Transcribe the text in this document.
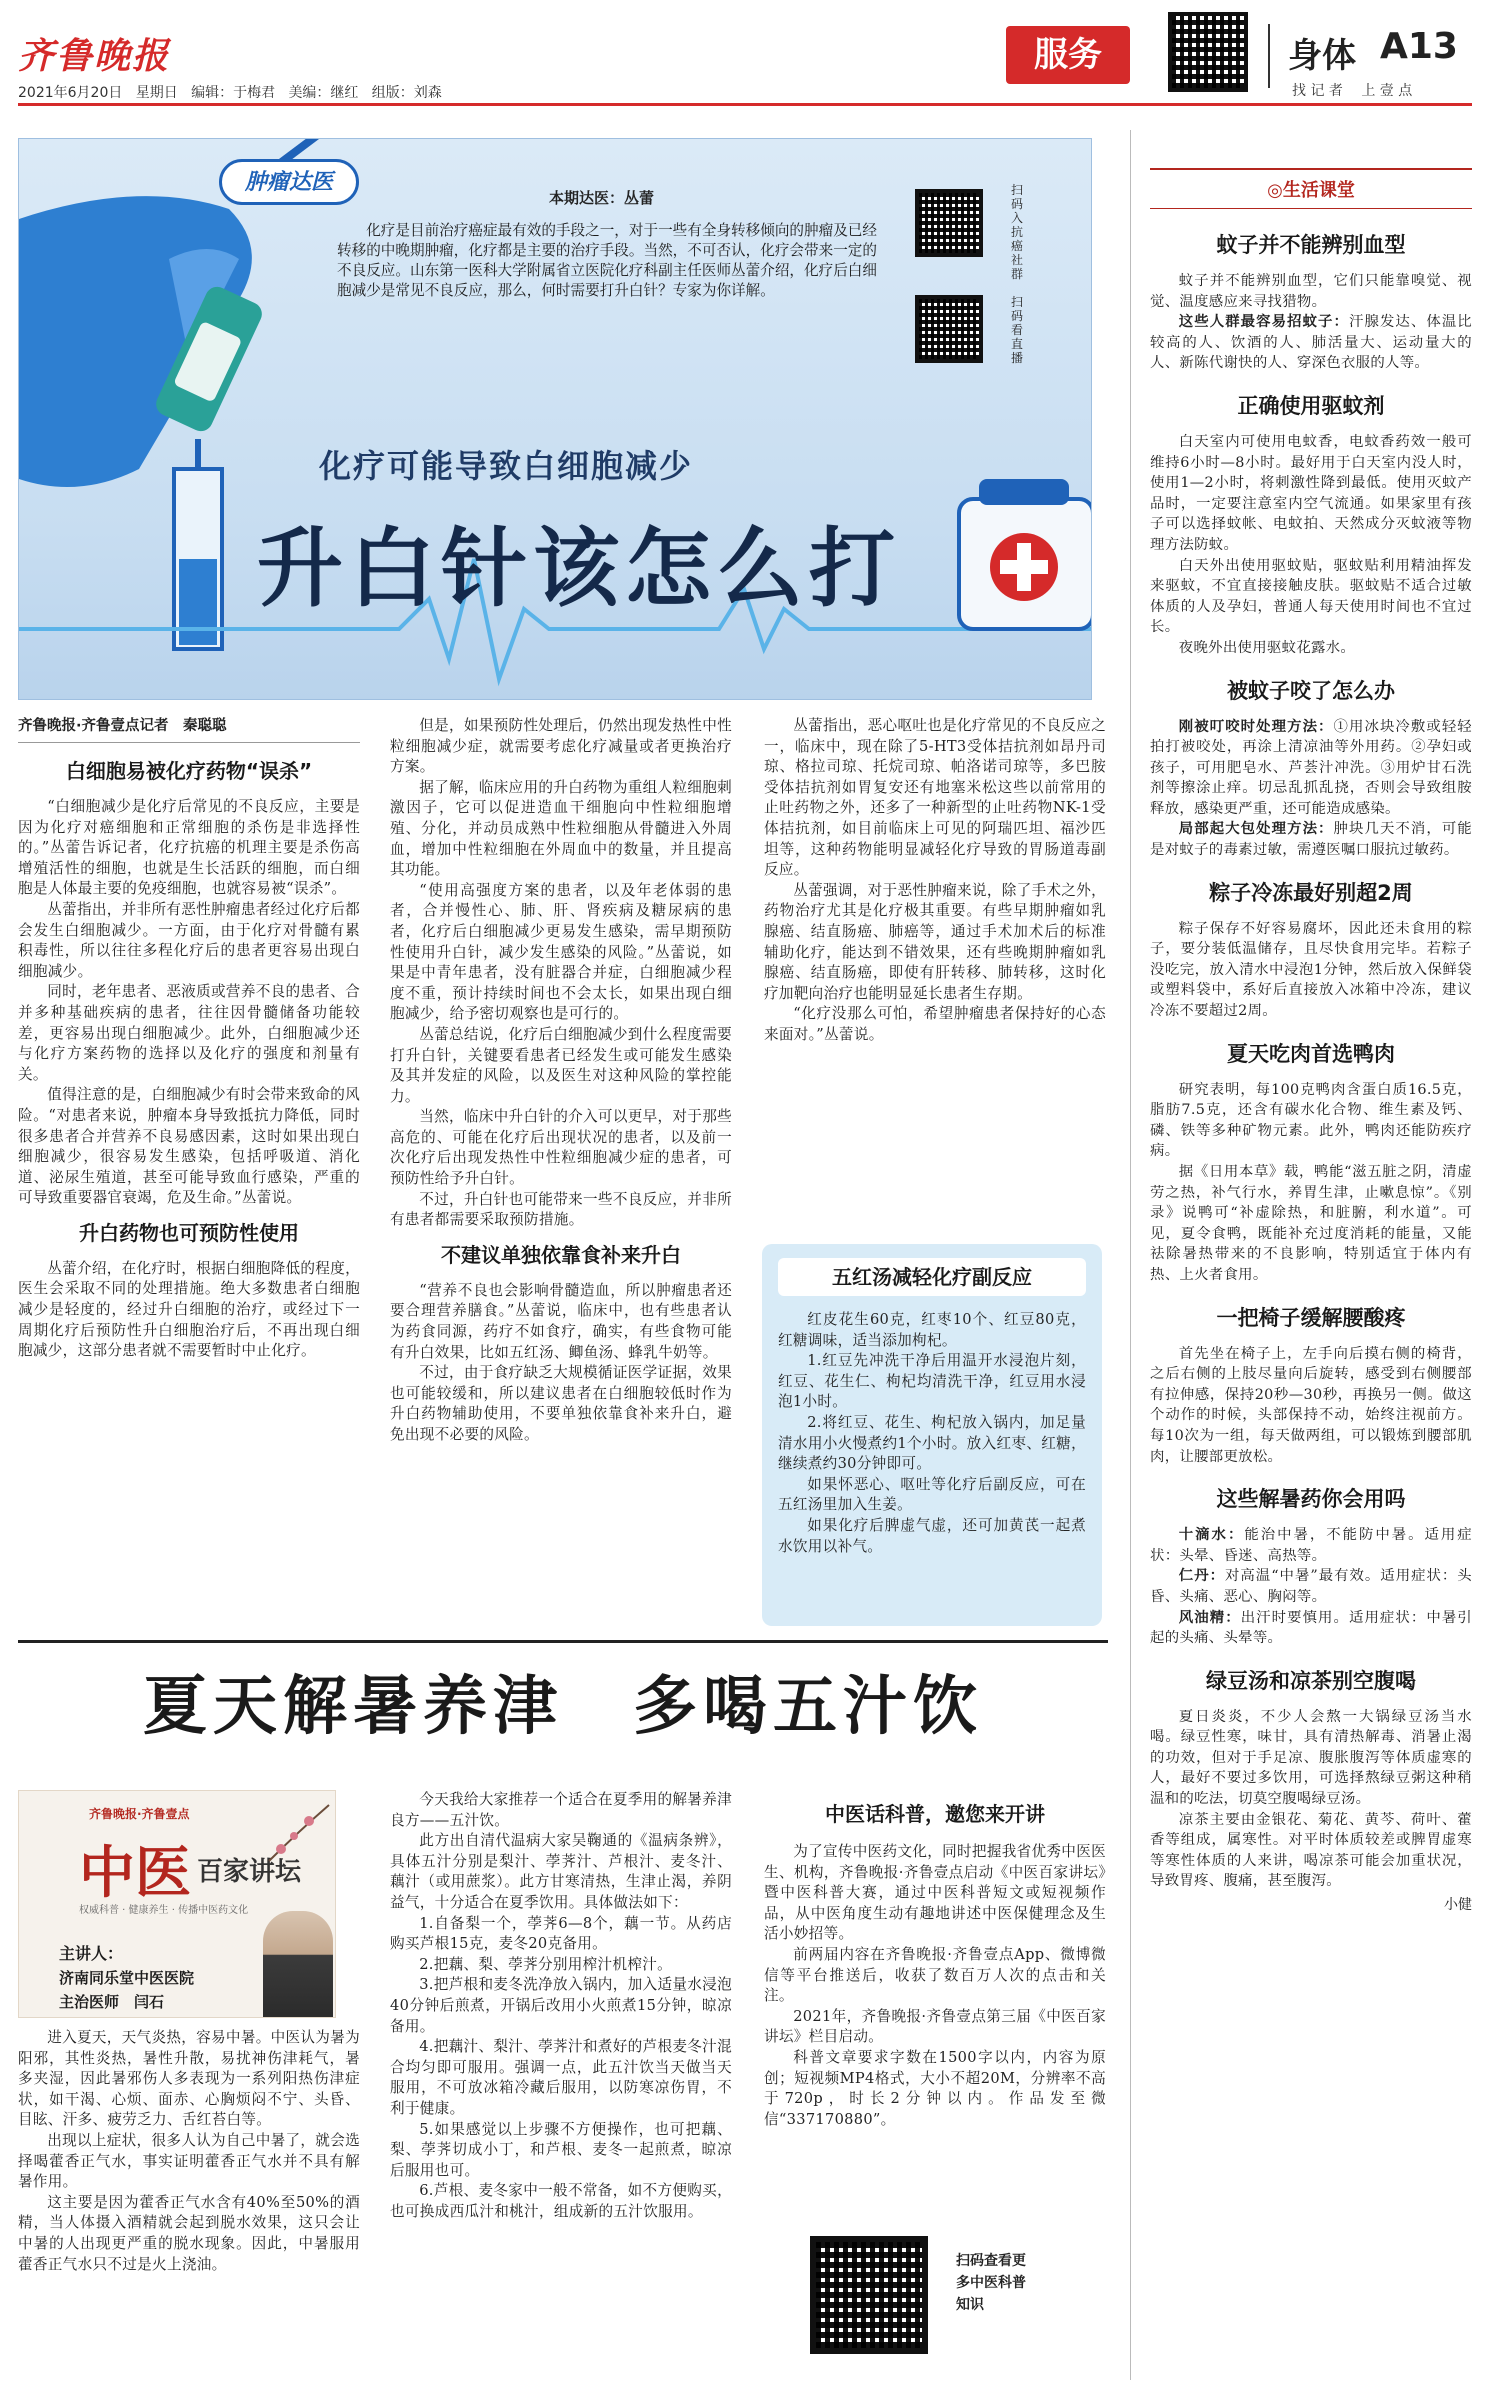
齐鲁晚报
2021年6月20日 星期日 编辑：于梅君 美编：继红 组版：刘森
服务	身体 A13
找 记 者　 上 壹 点
肿瘤达医
本期达医：丛蕾
化疗是目前治疗癌症最有效的手段之一，对于一些有全身转移倾向的肿瘤及已经转移的中晚期肿瘤，化疗都是主要的治疗手段。当然，不可否认，化疗会带来一定的不良反应。山东第一医科大学附属省立医院化疗科副主任医师丛蕾介绍，化疗后白细胞减少是常见不良反应，那么，何时需要打升白针？专家为你详解。
扫码入抗癌社群
扫码看直播
化疗可能导致白细胞减少
升白针该怎么打
齐鲁晚报·齐鲁壹点记者　秦聪聪
白细胞易被化疗药物“误杀”
“白细胞减少是化疗后常见的不良反应，主要是因为化疗对癌细胞和正常细胞的杀伤是非选择性的。”丛蕾告诉记者，化疗抗癌的机理主要是杀伤高增殖活性的细胞，也就是生长活跃的细胞，而白细胞是人体最主要的免疫细胞，也就容易被“误杀”。
丛蕾指出，并非所有恶性肿瘤患者经过化疗后都会发生白细胞减少。一方面，由于化疗对骨髓有累积毒性，所以往往多程化疗后的患者更容易出现白细胞减少。
同时，老年患者、恶液质或营养不良的患者、合并多种基础疾病的患者，往往因骨髓储备功能较差，更容易出现白细胞减少。此外，白细胞减少还与化疗方案药物的选择以及化疗的强度和剂量有关。
值得注意的是，白细胞减少有时会带来致命的风险。“对患者来说，肿瘤本身导致抵抗力降低，同时很多患者合并营养不良易感因素，这时如果出现白细胞减少，很容易发生感染，包括呼吸道、消化道、泌尿生殖道，甚至可能导致血行感染，严重的可导致重要器官衰竭，危及生命。”丛蕾说。
升白药物也可预防性使用
丛蕾介绍，在化疗时，根据白细胞降低的程度，医生会采取不同的处理措施。绝大多数患者白细胞减少是轻度的，经过升白细胞的治疗，或经过下一周期化疗后预防性升白细胞治疗后，不再出现白细胞减少，这部分患者就不需要暂时中止化疗。
但是，如果预防性处理后，仍然出现发热性中性粒细胞减少症，就需要考虑化疗减量或者更换治疗方案。
据了解，临床应用的升白药物为重组人粒细胞刺激因子，它可以促进造血干细胞向中性粒细胞增殖、分化，并动员成熟中性粒细胞从骨髓进入外周血，增加中性粒细胞在外周血中的数量，并且提高其功能。
“使用高强度方案的患者，以及年老体弱的患者，合并慢性心、肺、肝、肾疾病及糖尿病的患者，化疗后白细胞减少更易发生感染，需早期预防性使用升白针，减少发生感染的风险。”丛蕾说，如果是中青年患者，没有脏器合并症，白细胞减少程度不重，预计持续时间也不会太长，如果出现白细胞减少，给予密切观察也是可行的。
丛蕾总结说，化疗后白细胞减少到什么程度需要打升白针，关键要看患者已经发生或可能发生感染及其并发症的风险，以及医生对这种风险的掌控能力。
当然，临床中升白针的介入可以更早，对于那些高危的、可能在化疗后出现状况的患者，以及前一次化疗后出现发热性中性粒细胞减少症的患者，可预防性给予升白针。
不过，升白针也可能带来一些不良反应，并非所有患者都需要采取预防措施。
不建议单独依靠食补来升白
“营养不良也会影响骨髓造血，所以肿瘤患者还要合理营养膳食。”丛蕾说，临床中，也有些患者认为药食同源，药疗不如食疗，确实，有些食物可能有升白效果，比如五红汤、鲫鱼汤、蜂乳牛奶等。
不过，由于食疗缺乏大规模循证医学证据，效果也可能较缓和，所以建议患者在白细胞较低时作为升白药物辅助使用，不要单独依靠食补来升白，避免出现不必要的风险。
丛蕾指出，恶心呕吐也是化疗常见的不良反应之一，临床中，现在除了5-HT3受体拮抗剂如昂丹司琼、格拉司琼、托烷司琼、帕洛诺司琼等，多巴胺受体拮抗剂如胃复安还有地塞米松这些以前常用的止吐药物之外，还多了一种新型的止吐药物NK-1受体拮抗剂，如目前临床上可见的阿瑞匹坦、福沙匹坦等，这种药物能明显减轻化疗导致的胃肠道毒副反应。
丛蕾强调，对于恶性肿瘤来说，除了手术之外，药物治疗尤其是化疗极其重要。有些早期肿瘤如乳腺癌、结直肠癌、肺癌等，通过手术加术后的标准辅助化疗，能达到不错效果，还有些晚期肿瘤如乳腺癌、结直肠癌，即使有肝转移、肺转移，这时化疗加靶向治疗也能明显延长患者生存期。
“化疗没那么可怕，希望肿瘤患者保持好的心态来面对。”丛蕾说。
五红汤减轻化疗副反应
红皮花生60克，红枣10个、红豆80克，红糖调味，适当添加枸杞。
1.红豆先冲洗干净后用温开水浸泡片刻，红豆、花生仁、枸杞均清洗干净，红豆用水浸泡1小时。
2.将红豆、花生、枸杞放入锅内，加足量清水用小火慢煮约1个小时。放入红枣、红糖，继续煮约30分钟即可。
如果怀恶心、呕吐等化疗后副反应，可在五红汤里加入生姜。
如果化疗后脾虚气虚，还可加黄芪一起煮水饮用以补气。
夏天解暑养津　多喝五汁饮
齐鲁晚报·齐鲁壹点
中医 百家讲坛
权威科普 · 健康养生 · 传播中医药文化
主讲人：
济南同乐堂中医医院
主治医师　闫石
进入夏天，天气炎热，容易中暑。中医认为暑为阳邪，其性炎热，暑性升散，易扰神伤津耗气，暑多夹湿，因此暑邪伤人多表现为一系列阳热伤津症状，如干渴、心烦、面赤、心胸烦闷不宁、头昏、目眩、汗多、疲劳乏力、舌红苔白等。
出现以上症状，很多人认为自己中暑了，就会选择喝藿香正气水，事实证明藿香正气水并不具有解暑作用。
这主要是因为藿香正气水含有40%至50%的酒精，当人体摄入酒精就会起到脱水效果，这只会让中暑的人出现更严重的脱水现象。因此，中暑服用藿香正气水只不过是火上浇油。
今天我给大家推荐一个适合在夏季用的解暑养津良方——五汁饮。
此方出自清代温病大家吴鞠通的《温病条辨》，具体五汁分别是梨汁、荸荠汁、芦根汁、麦冬汁、藕汁（或用蔗浆）。此方甘寒清热，生津止渴，养阴益气，十分适合在夏季饮用。具体做法如下：
1.自备梨一个，荸荠6—8个，藕一节。从药店购买芦根15克，麦冬20克备用。
2.把藕、梨、荸荠分别用榨汁机榨汁。
3.把芦根和麦冬洗净放入锅内，加入适量水浸泡40分钟后煎煮，开锅后改用小火煎煮15分钟，晾凉备用。
4.把藕汁、梨汁、荸荠汁和煮好的芦根麦冬汁混合均匀即可服用。强调一点，此五汁饮当天做当天服用，不可放冰箱冷藏后服用，以防寒凉伤胃，不利于健康。
5.如果感觉以上步骤不方便操作，也可把藕、梨、荸荠切成小丁，和芦根、麦冬一起煎煮，晾凉后服用也可。
6.芦根、麦冬家中一般不常备，如不方便购买，也可换成西瓜汁和桃汁，组成新的五汁饮服用。
中医话科普，邀您来开讲
为了宣传中医药文化，同时把握我省优秀中医医生、机构，齐鲁晚报·齐鲁壹点启动《中医百家讲坛》暨中医科普大赛，通过中医科普短文或短视频作品，从中医角度生动有趣地讲述中医保健理念及生活小妙招等。
前两届内容在齐鲁晚报·齐鲁壹点App、微博微信等平台推送后，收获了数百万人次的点击和关注。
2021年，齐鲁晚报·齐鲁壹点第三届《中医百家讲坛》栏目启动。
科普文章要求字数在1500字以内，内容为原创；短视频MP4格式，大小不超20M，分辨率不高于720p，时长2分钟以内。作品发至微信“337170880”。
扫码查看更多中医科普知识
◎生活课堂
蚊子并不能辨别血型
蚊子并不能辨别血型，它们只能靠嗅觉、视觉、温度感应来寻找猎物。
这些人群最容易招蚊子：汗腺发达、体温比较高的人、饮酒的人、肺活量大、运动量大的人、新陈代谢快的人、穿深色衣服的人等。
正确使用驱蚊剂
白天室内可使用电蚊香，电蚊香药效一般可维持6小时—8小时。最好用于白天室内没人时，使用1—2小时，将刺激性降到最低。使用灭蚊产品时，一定要注意室内空气流通。如果家里有孩子可以选择蚊帐、电蚊拍、天然成分灭蚊液等物理方法防蚊。
白天外出使用驱蚊贴，驱蚊贴利用精油挥发来驱蚊，不宜直接接触皮肤。驱蚊贴不适合过敏体质的人及孕妇，普通人每天使用时间也不宜过长。
夜晚外出使用驱蚊花露水。
被蚊子咬了怎么办
刚被叮咬时处理方法：①用冰块冷敷或轻轻拍打被咬处，再涂上清凉油等外用药。②孕妇或孩子，可用肥皂水、芦荟汁冲洗。③用炉甘石洗剂等擦涂止痒。切忌乱抓乱挠，否则会导致组胺释放，感染更严重，还可能造成感染。
局部起大包处理方法：肿块几天不消，可能是对蚊子的毒素过敏，需遵医嘱口服抗过敏药。
粽子冷冻最好别超2周
粽子保存不好容易腐坏，因此还未食用的粽子，要分装低温储存，且尽快食用完毕。若粽子没吃完，放入清水中浸泡1分钟，然后放入保鲜袋或塑料袋中，系好后直接放入冰箱中冷冻，建议冷冻不要超过2周。
夏天吃肉首选鸭肉
研究表明，每100克鸭肉含蛋白质16.5克，脂肪7.5克，还含有碳水化合物、维生素及钙、磷、铁等多种矿物元素。此外，鸭肉还能防疾疗病。
据《日用本草》载，鸭能“滋五脏之阴，清虚劳之热，补气行水，养胃生津，止嗽息惊”。《别录》说鸭可“补虚除热，和脏腑，利水道”。可见，夏令食鸭，既能补充过度消耗的能量，又能祛除暑热带来的不良影响，特别适宜于体内有热、上火者食用。
一把椅子缓解腰酸疼
首先坐在椅子上，左手向后摸右侧的椅背，之后右侧的上肢尽量向后旋转，感受到右侧腰部有拉伸感，保持20秒—30秒，再换另一侧。做这个动作的时候，头部保持不动，始终注视前方。每10次为一组，每天做两组，可以锻炼到腰部肌肉，让腰部更放松。
这些解暑药你会用吗
十滴水：能治中暑，不能防中暑。适用症状：头晕、昏迷、高热等。
仁丹：对高温“中暑”最有效。适用症状：头昏、头痛、恶心、胸闷等。
风油精：出汗时要慎用。适用症状：中暑引起的头痛、头晕等。
绿豆汤和凉茶别空腹喝
夏日炎炎，不少人会熬一大锅绿豆汤当水喝。绿豆性寒，味甘，具有清热解毒、消暑止渴的功效，但对于手足凉、腹胀腹泻等体质虚寒的人，最好不要过多饮用，可选择熬绿豆粥这种稍温和的吃法，切莫空腹喝绿豆汤。
凉茶主要由金银花、菊花、黄芩、荷叶、藿香等组成，属寒性。对平时体质较差或脾胃虚寒等寒性体质的人来讲，喝凉茶可能会加重状况，导致胃疼、腹痛，甚至腹泻。
小健
